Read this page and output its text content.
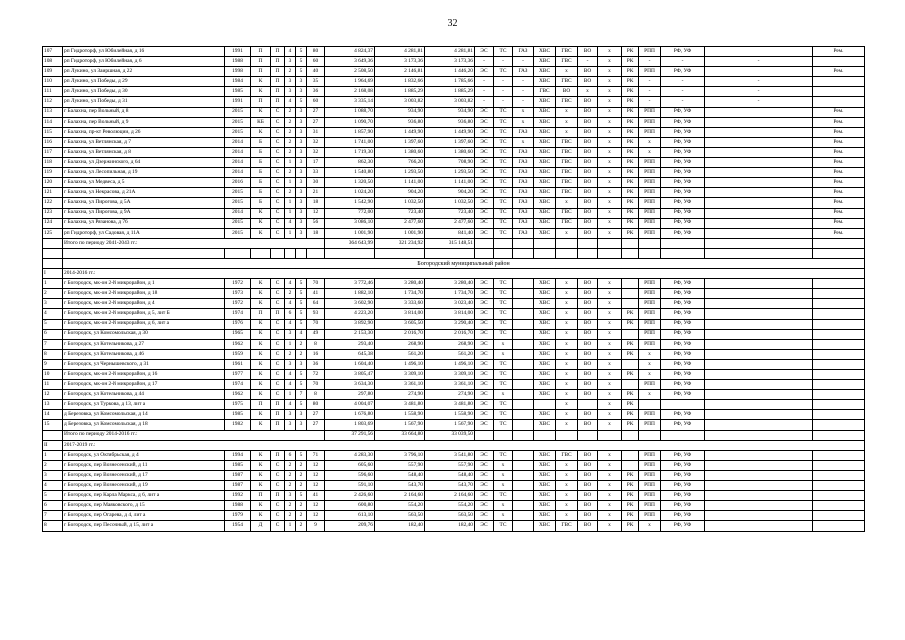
32
107	рп Гидроторф, ул Юбилейная, д 16	1991	П	П	4	5	80	4 824,37	4 281,81	4 281,81	ЭС	ТС	ГАЗ	ХВС	ГВС	ВО	х	РК	РПП	РФ, УФ		Рем.
108	рп Гидроторф, ул Юбилейная, д 6	1988	П	П	3	5	60	3 649,36	3 173,36	3 173,36	-	-	-	ХВС	ГВС	-	х	РК	-	-	-	
109	рп Лукино, ул Заиршная, д 22	1998	П	П	2	5	40	2 508,50	2 146,81	1 446,20	ЭС	ТС	ГАЗ	ХВС	х	ВО	х	РК	РПП	РФ, УФ		Рем.
110	рп Лукино, ул Победы, д 29	1984	К	П	3	3	35	1 964,69	1 832,66	1 785,66	-	-	-	ХВС	ГВС	ВО	х	РК	-	-	-	
111	рп Лукино, ул Победы, д 30	1985	К	П	3	3	36	2 168,08	1 885,29	1 885,29	-	-	-	ГВС	ВО	х	х	РК	-	-	-	
112	рп Лукино, ул Победы, д 31	1991	П	П	4	5	60	3 335,14	3 003,82	3 003,82	-	-	-	ХВС	ГВС	ВО	х	РК	-	-	-	
113	г Балахна, пер Вольный, д 8	2015	К	С	2	3	27	1 088,70	934,90	934,90	ЭС	ТС	х	ХВС	х	ВО	х	РК	РПП	РФ, УФ		Рем.
114	г Балахна, пер Вольный, д 9	2015	КБ	С	2	3	27	1 090,70	936,80	936,80	ЭС	ТС	х	ХВС	х	ВО	х	РК	РПП	РФ, УФ		Рем.
115	г Балахна, пр-кт Революции, д 26	2015	К	С	2	3	31	1 857,90	1 449,90	1 449,90	ЭС	ТС	ГАЗ	ХВС	х	ВО	х	РК	РПП	РФ, УФ		Рем.
116	г Балахна, ул Ветлянская, д 7	2014	Б	С	2	3	32	1 741,00	1 397,60	1 397,60	ЭС	ТС	х	ХВС	ГВС	ВО	х	РК	х	РФ, УФ		Рем.
117	г Балахна, ул Ветлянская, д 8	2014	Б	С	2	3	32	1 719,30	1 380,60	1 380,60	ЭС	ТС	ГАЗ	ХВС	ГВС	ВО	х	РК	х	РФ, УФ		Рем.
118	г Балахна, ул Дзержинского, д 64	2014	Б	С	1	3	17	862,30	766,20	708,90	ЭС	ТС	ГАЗ	ХВС	ГВС	ВО	х	РК	РПП	РФ, УФ		Рем.
119	г Балахна, ул Лесопильная, д 19	2014	Б	С	2	3	33	1 540,80	1 293,50	1 293,50	ЭС	ТС	ГАЗ	ХВС	ГВС	ВО	х	РК	РПП	РФ, УФ		Рем.
120	г Балахна, ул Медвеса, д 5	2016	Б	С	1	3	30	1 320,50	1 141,00	1 141,00	ЭС	ТС	ГАЗ	ХВС	ГВС	ВО	х	РК	РПП	РФ, УФ		Рем.
121	г Балахна, ул Некрасова, д 21А	2015	Б	С	2	3	21	1 024,20	904,20	904,20	ЭС	ТС	ГАЗ	ХВС	ГВС	ВО	х	РК	РПП	РФ, УФ		Рем.
122	г Балахна, ул Пирогова, д 5А	2015	Б	С	1	3	18	1 542,90	1 032,50	1 032,50	ЭС	ТС	ГАЗ	ХВС	х	ВО	х	РК	РПП	РФ, УФ		Рем.
123	г Балахна, ул Пирогова, д 9А	2014	К	С	1	3	12	772,00	723,40	723,40	ЭС	ТС	ГАЗ	ХВС	ГВС	ВО	х	РК	РПП	РФ, УФ		Рем.
124	г Балахна, ул Рязанова, д 76	2015	К	С	4	3	56	3 086,10	2 477,60	2 477,60	ЭС	ТС	ГАЗ	ХВС	ГВС	ВО	х	РК	РПП	РФ, УФ		Рем.
125	рп Гидроторф, ул Садовая, д 11А	2015	К	С	1	3	18	1 001,90	1 001,90	841,40	ЭС	ТС	ГАЗ	ХВС	х	ВО	х	РК	РПП	РФ, УФ		Рем.
	Итого по периоду 2041-2043 гг.:							364 643,99	321 234,92	315 148,51												

	Богородский муниципальный район																					
I	2014-2016 гг.:																					
1	г Богородск, мк-он 2-й микрорайон, д 1	1972	К	С	4	5	70	3 772,46	3 280,40	3 280,40	ЭС	ТС		ХВС	х	ВО	х		РПП	РФ, УФ		
2	г Богородск, мк-он 2-й микрорайон, д 18	1973	К	С	2	5	41	1 882,10	1 734,70	1 734,70	ЭС	ТС		ХВС	х	ВО	х		РПП	РФ, УФ		
3	г Богородск, мк-он 2-й микрорайон, д 4	1972	К	С	4	5	64	3 602,90	3 333,60	3 023,40	ЭС	ТС		ХВС	х	ВО	х		РПП	РФ, УФ		
4	г Богородск, мк-он 2-й микрорайон, д 5, лит Б	1974	П	П	6	5	93	4 223,20	3 814,00	3 814,00	ЭС	ТС		ХВС	х	ВО	х	РК	РПП	РФ, УФ		
5	г Богородск, мк-он 2-й микрорайон, д 6, лит а	1976	К	С	4	5	70	3 892,90	3 605,50	3 290,40	ЭС	ТС		ХВС	х	ВО	х	РК	РПП	РФ, УФ		
6	г Богородск, ул Комсомольская, д 30	1965	К	С	3	4	49	2 153,30	2 016,70	2 016,70	ЭС	ТС		ХВС	х	ВО	х		РПП	РФ, УФ		
7	г Богородск, ул Котельникова, д 27	1962	К	С	1	2	8	293,40	268,90	268,90	ЭС	х		ХВС	х	ВО	х	РК	РПП	РФ, УФ		
8	г Богородск, ул Котельникова, д 46	1959	К	С	2	2	16	645,38	561,20	561,20	ЭС	х		ХВС	х	ВО	х	РК	х	РФ, УФ		
9	г Богородск, ул Чернышевского, д 31	1961	К	С	3	3	36	1 604,40	1 496,10	1 496,10	ЭС	ТС		ХВС	х	ВО	х		х	РФ, УФ		
10	г Богородск, мк-он 2-й микрорайон, д 16	1977	К	С	4	5	72	3 805,47	3 309,10	3 309,10	ЭС	ТС		ХВС	х	ВО	х	РК	х	РФ, УФ		
11	г Богородск, мк-он 2-й микрорайон, д 17	1974	К	С	4	5	70	3 634,30	3 361,10	3 361,10	ЭС	ТС		ХВС	х	ВО	х		РПП	РФ, УФ		
12	г Богородск, ул Котельникова, д 44	1962	К	С	1	7	8	297,80	274,90	274,90	ЭС	х		ХВС	х	ВО	х	РК	х	РФ, УФ		
13	г Богородск, ул Туркова, д 13, лит а	1975	П	П	4	5	80	4 004,07	3 481,80	3 481,80	ЭС	ТС			х		х	РК				
14	д Березовка, ул Комсомольская, д 14	1985	К	П	3	3	27	1 676,80	1 558,90	1 558,90	ЭС	ТС		ХВС	х	ВО	х	РК	РПП	РФ, УФ		
15	д Березовка, ул Комсомольская, д 18	1982	К	П	3	3	27	1 803,69	1 567,90	1 567,90	ЭС	ТС		ХВС	х	ВО	х	РК	РПП	РФ, УФ		
	Итого по периоду 2014-2016 гг.:							37 291,56	33 664,80	33 039,50												
II	2017-2019 гг.:																					
1	г Богородск, ул Октябрьская, д 4	1994	К	П	6	5	71	4 283,30	3 796,10	3 541,80	ЭС	ТС		ХВС	ГВС	ВО	х		РПП	РФ, УФ		
2	г Богородск, пер Вознесенский, д 11	1985	К	С	2	2	12	605,60	557,90	557,90	ЭС	х		ХВС	х	ВО	х		РПП	РФ, УФ		
3	г Богородск, пер Вознесенский, д 17	1987	К	С	2	2	12	596,60	548,40	548,40	ЭС	х		ХВС	х	ВО	х	РК	РПП	РФ, УФ		
4	г Богородск, пер Вознесенский, д 19	1987	К	С	2	2	12	591,10	543,70	543,70	ЭС	х		ХВС	х	ВО	х	РК	РПП	РФ, УФ		
5	г Богородск, пер Карла Маркса, д 6, лит а	1992	П	П	3	5	41	2 426,60	2 164,60	2 164,60	ЭС	ТС		ХВС	х	ВО	х	РК	РПП	РФ, УФ		
6	г Богородск, пер Маяковского, д 15	1988	К	С	2	2	12	600,80	554,20	554,20	ЭС	х		ХВС	х	ВО	х	РК	РПП	РФ, УФ		
7	г Богородск, пер Огарева, д 4, лит а	1979	К	С	2	2	12	613,10	563,50	563,50	ЭС	х		ХВС	х	ВО	х	РК	РПП	РФ, УФ		
8	г Богородск, пер Песочный, д 15, лит а	1954	Д	С	1	2	9	209,76	182,40	182,40	ЭС	ТС		ХВС	ГВС	ВО	х	РК	х	РФ, УФ		
